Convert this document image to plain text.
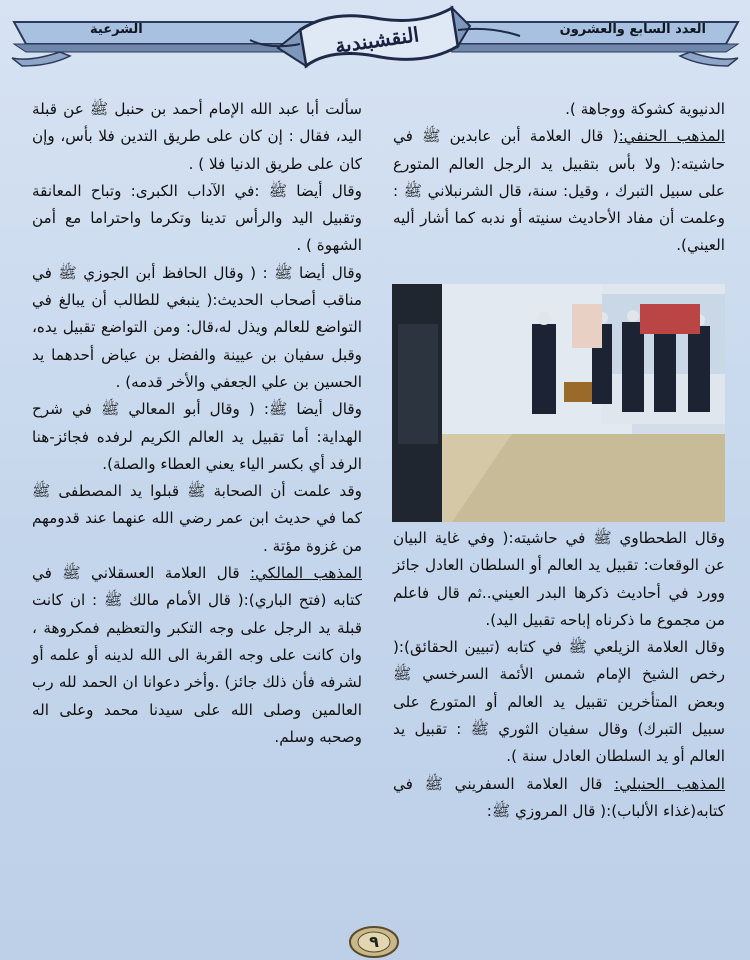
العدد السابع والعشرون
الشرعية	النقشبندية

الدنيوية كشوكة ووجاهة ).

المذهب الحنفي:( قال العلامة أبن عابدين ﷺ في حاشيته:( ولا بأس بتقبيل يد الرجل العالم المتورع على سبيل التبرك ، وقيل: سنة، قال الشرنبلاني ﷺ : وعلمت أن مفاد الأحاديث سنيته أو ندبه كما أشار أليه العيني).

وقال الطحطاوي ﷺ في حاشيته:( وفي غاية البيان عن الوقعات: تقبيل يد العالم أو السلطان العادل جائز وورد في أحاديث ذكرها البدر العيني..ثم قال فاعلم من مجموع ما ذكرناه إباحه تقبيل اليد).

وقال العلامة الزيلعي ﷺ في كتابه (تبيين الحقائق):( رخص الشيخ الإمام شمس الأئمة السرخسي ﷺ وبعض المتأخرين تقبيل يد العالم أو المتورع على سبيل التبرك) وقال سفيان الثوري ﷺ : تقبيل يد العالم أو يد السلطان العادل سنة ).

المذهب الحنبلي: قال العلامة السفريني ﷺ في كتابه(غذاء الألباب):( قال المروزي ﷺ:

سألت أبا عبد الله الإمام أحمد بن حنبل ﷺ عن قبلة اليد، فقال : إن كان على طريق التدين فلا بأس، وإن كان على طريق الدنيا فلا ) .

وقال أيضا ﷺ :في الآداب الكبرى: وتباح المعانقة وتقبيل اليد والرأس تدينا وتكرما واحتراما مع أمن الشهوة ) .

وقال أيضا ﷺ : ( وقال الحافظ أبن الجوزي ﷺ في مناقب أصحاب الحديث:( ينبغي للطالب أن يبالغ في التواضع للعالم ويذل له،قال: ومن التواضع تقبيل يده، وقبل سفيان بن عيينة والفضل بن عياض أحدهما يد الحسين بن علي الجعفي والأخر قدمه) .

وقال أيضا ﷺ: ( وقال أبو المعالي ﷺ في شرح الهداية: أما تقبيل يد العالم الكريم لرفده فجائز-هنا الرفد أي بكسر الياء يعني العطاء والصلة).

وقد علمت أن الصحابة ﷺ قبلوا يد المصطفى ﷺ كما في حديث ابن عمر رضي الله عنهما عند قدومهم من غزوة مؤتة .

المذهب المالكي: قال العلامة العسقلاني ﷺ في كتابه (فتح الباري):( قال الأمام مالك ﷺ : ان كانت قبلة يد الرجل على وجه التكبر والتعظيم فمكروهة ، وان كانت على وجه القربة الى الله لدينه أو علمه أو لشرفه فأن ذلك جائز) .وأخر دعوانا ان الحمد لله رب العالمين وصلى الله على سيدنا محمد وعلى اله وصحبه وسلم.

٩
